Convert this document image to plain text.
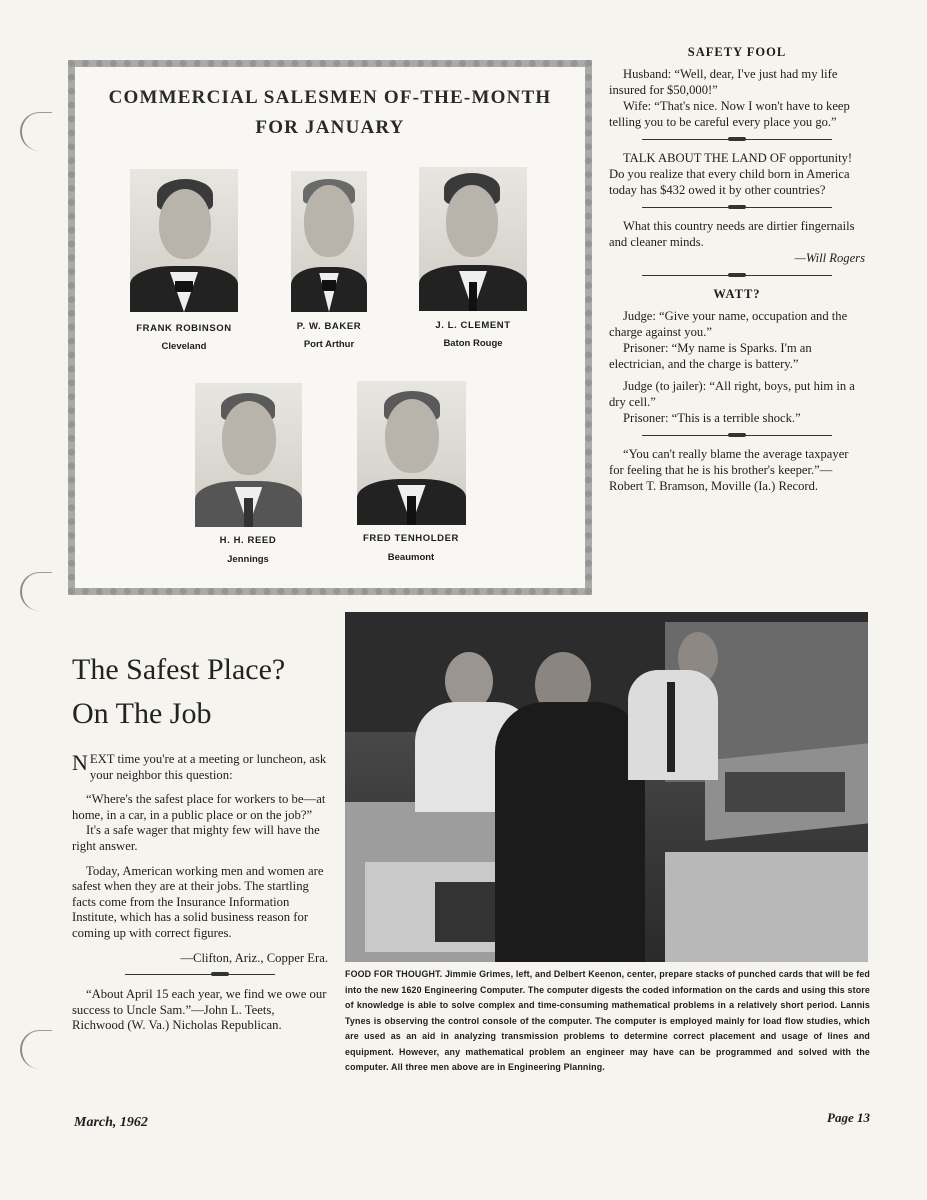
COMMERCIAL SALESMEN OF-THE-MONTH
FOR JANUARY
FRANK ROBINSON
Cleveland
P. W. BAKER
Port Arthur
J. L. CLEMENT
Baton Rouge
H. H. REED
Jennings
FRED TENHOLDER
Beaumont
SAFETY FOOL

Husband: “Well, dear, I've just had my life insured for $50,000!”

Wife: “That's nice. Now I won't have to keep telling you to be careful every place you go.”

TALK ABOUT THE LAND OF opportunity! Do you realize that every child born in America today has $432 owed it by other countries?

What this country needs are dirtier fingernails and cleaner minds.

—Will Rogers
WATT?

Judge: “Give your name, occupation and the charge against you.”

Prisoner: “My name is Sparks. I'm an electrician, and the charge is battery.”

Judge (to jailer): “All right, boys, put him in a dry cell.”

Prisoner: “This is a terrible shock.”

“You can't really blame the average taxpayer for feeling that he is his brother's keeper.”—Robert T. Bramson, Moville (Ia.) Record.

The Safest Place?
On The Job

NEXT time you're at a meeting or luncheon, ask your neighbor this question:

“Where's the safest place for workers to be—at home, in a car, in a public place or on the job?”

It's a safe wager that mighty few will have the right answer.

Today, American working men and women are safest when they are at their jobs. The startling facts come from the Insurance Information Institute, which has a solid business reason for coming up with correct figures.

—Clifton, Ariz., Copper Era.

“About April 15 each year, we find we owe our success to Uncle Sam.”—John L. Teets, Richwood (W. Va.) Nicholas Republican.

FOOD FOR THOUGHT. Jimmie Grimes, left, and Delbert Keenon, center, prepare stacks of punched cards that will be fed into the new 1620 Engineering Computer. The computer digests the coded information on the cards and using this store of knowledge is able to solve complex and time-consuming mathematical problems in a relatively short period. Lannis Tynes is observing the control console of the computer. The computer is employed mainly for load flow studies, which are used as an aid in analyzing transmission problems to determine correct placement and usage of lines and equipment. However, any mathematical problem an engineer may have can be programmed and solved with the computer. All three men above are in Engineering Planning.
March, 1962	Page 13
